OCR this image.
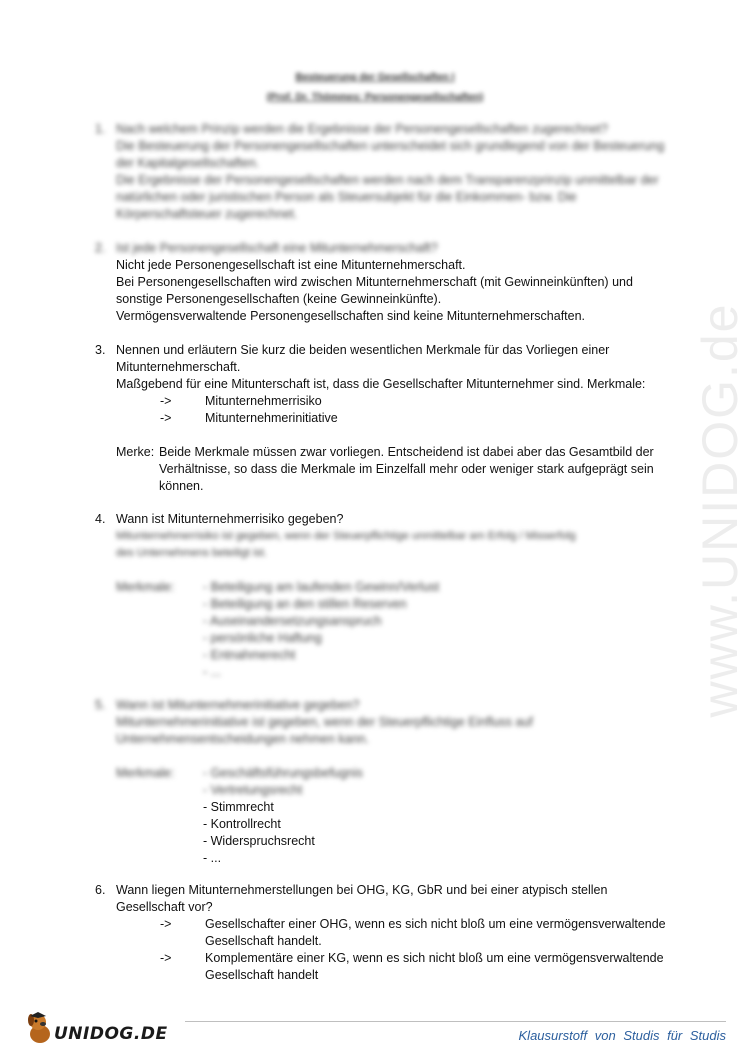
www.UNIDOG.de
Besteuerung der Gesellschaften I
(Prof. Dr. Thömmes: Personengesellschaften)
1. Nach welchem Prinzip werden die Ergebnisse der Personengesellschaften zugerechnet?
Die Besteuerung der Personengesellschaften unterscheidet sich grundlegend von der Besteuerung
der Kapitalgesellschaften.
Die Ergebnisse der Personengesellschaften werden nach dem Transparenzprinzip unmittelbar der
natürlichen oder juristischen Person als Steuersubjekt für die Einkommen- bzw. Die
Körperschaftsteuer zugerechnet.
2. Ist jede Personengesellschaft eine Mitunternehmerschaft?
Nicht jede Personengesellschaft ist eine Mitunternehmerschaft.
Bei Personengesellschaften wird zwischen Mitunternehmerschaft (mit Gewinneinkünften) und
sonstige Personengesellschaften (keine Gewinneinkünfte).
Vermögensverwaltende Personengesellschaften sind keine Mitunternehmerschaften.
3. Nennen und erläutern Sie kurz die beiden wesentlichen Merkmale für das Vorliegen einer
Mitunternehmerschaft.
Maßgebend für eine Mitunterschaft ist, dass die Gesellschafter Mitunternehmer sind. Merkmale:
->	Mitunternehmerrisiko
->	Mitunternehmerinitiative
Merke: Beide Merkmale müssen zwar vorliegen. Entscheidend ist dabei aber das Gesamtbild der
Verhältnisse, so dass die Merkmale im Einzelfall mehr oder weniger stark aufgeprägt sein
können.
4. Wann ist Mitunternehmerrisiko gegeben?
Mitunternehmerrisiko ist gegeben, wenn der Steuerpflichtige unmittelbar am Erfolg / Misserfolg
des Unternehmens beteiligt ist.
Merkmale: - Beteiligung am laufenden Gewinn/Verlust
- Beteiligung an den stillen Reserven
- Auseinandersetzungsanspruch
- persönliche Haftung
- Entnahmerecht
- ...
5. Wann ist Mitunternehmerinitiative gegeben?
Mitunternehmerinitiative ist gegeben, wenn der Steuerpflichtige Einfluss auf
Unternehmensentscheidungen nehmen kann.
Merkmale: - Geschäftsführungsbefugnis
- Vertretungsrecht
- Stimmrecht
- Kontrollrecht
- Widerspruchsrecht
- ...
6. Wann liegen Mitunternehmerstellungen bei OHG, KG, GbR und bei einer atypisch stellen
Gesellschaft vor?
->	Gesellschafter einer OHG, wenn es sich nicht bloß um eine vermögensverwaltende Gesellschaft handelt.
->	Komplementäre einer KG, wenn es sich nicht bloß um eine vermögensverwaltende Gesellschaft handelt
UNIDOG.DE	Klausurstoff von Studis für Studis
